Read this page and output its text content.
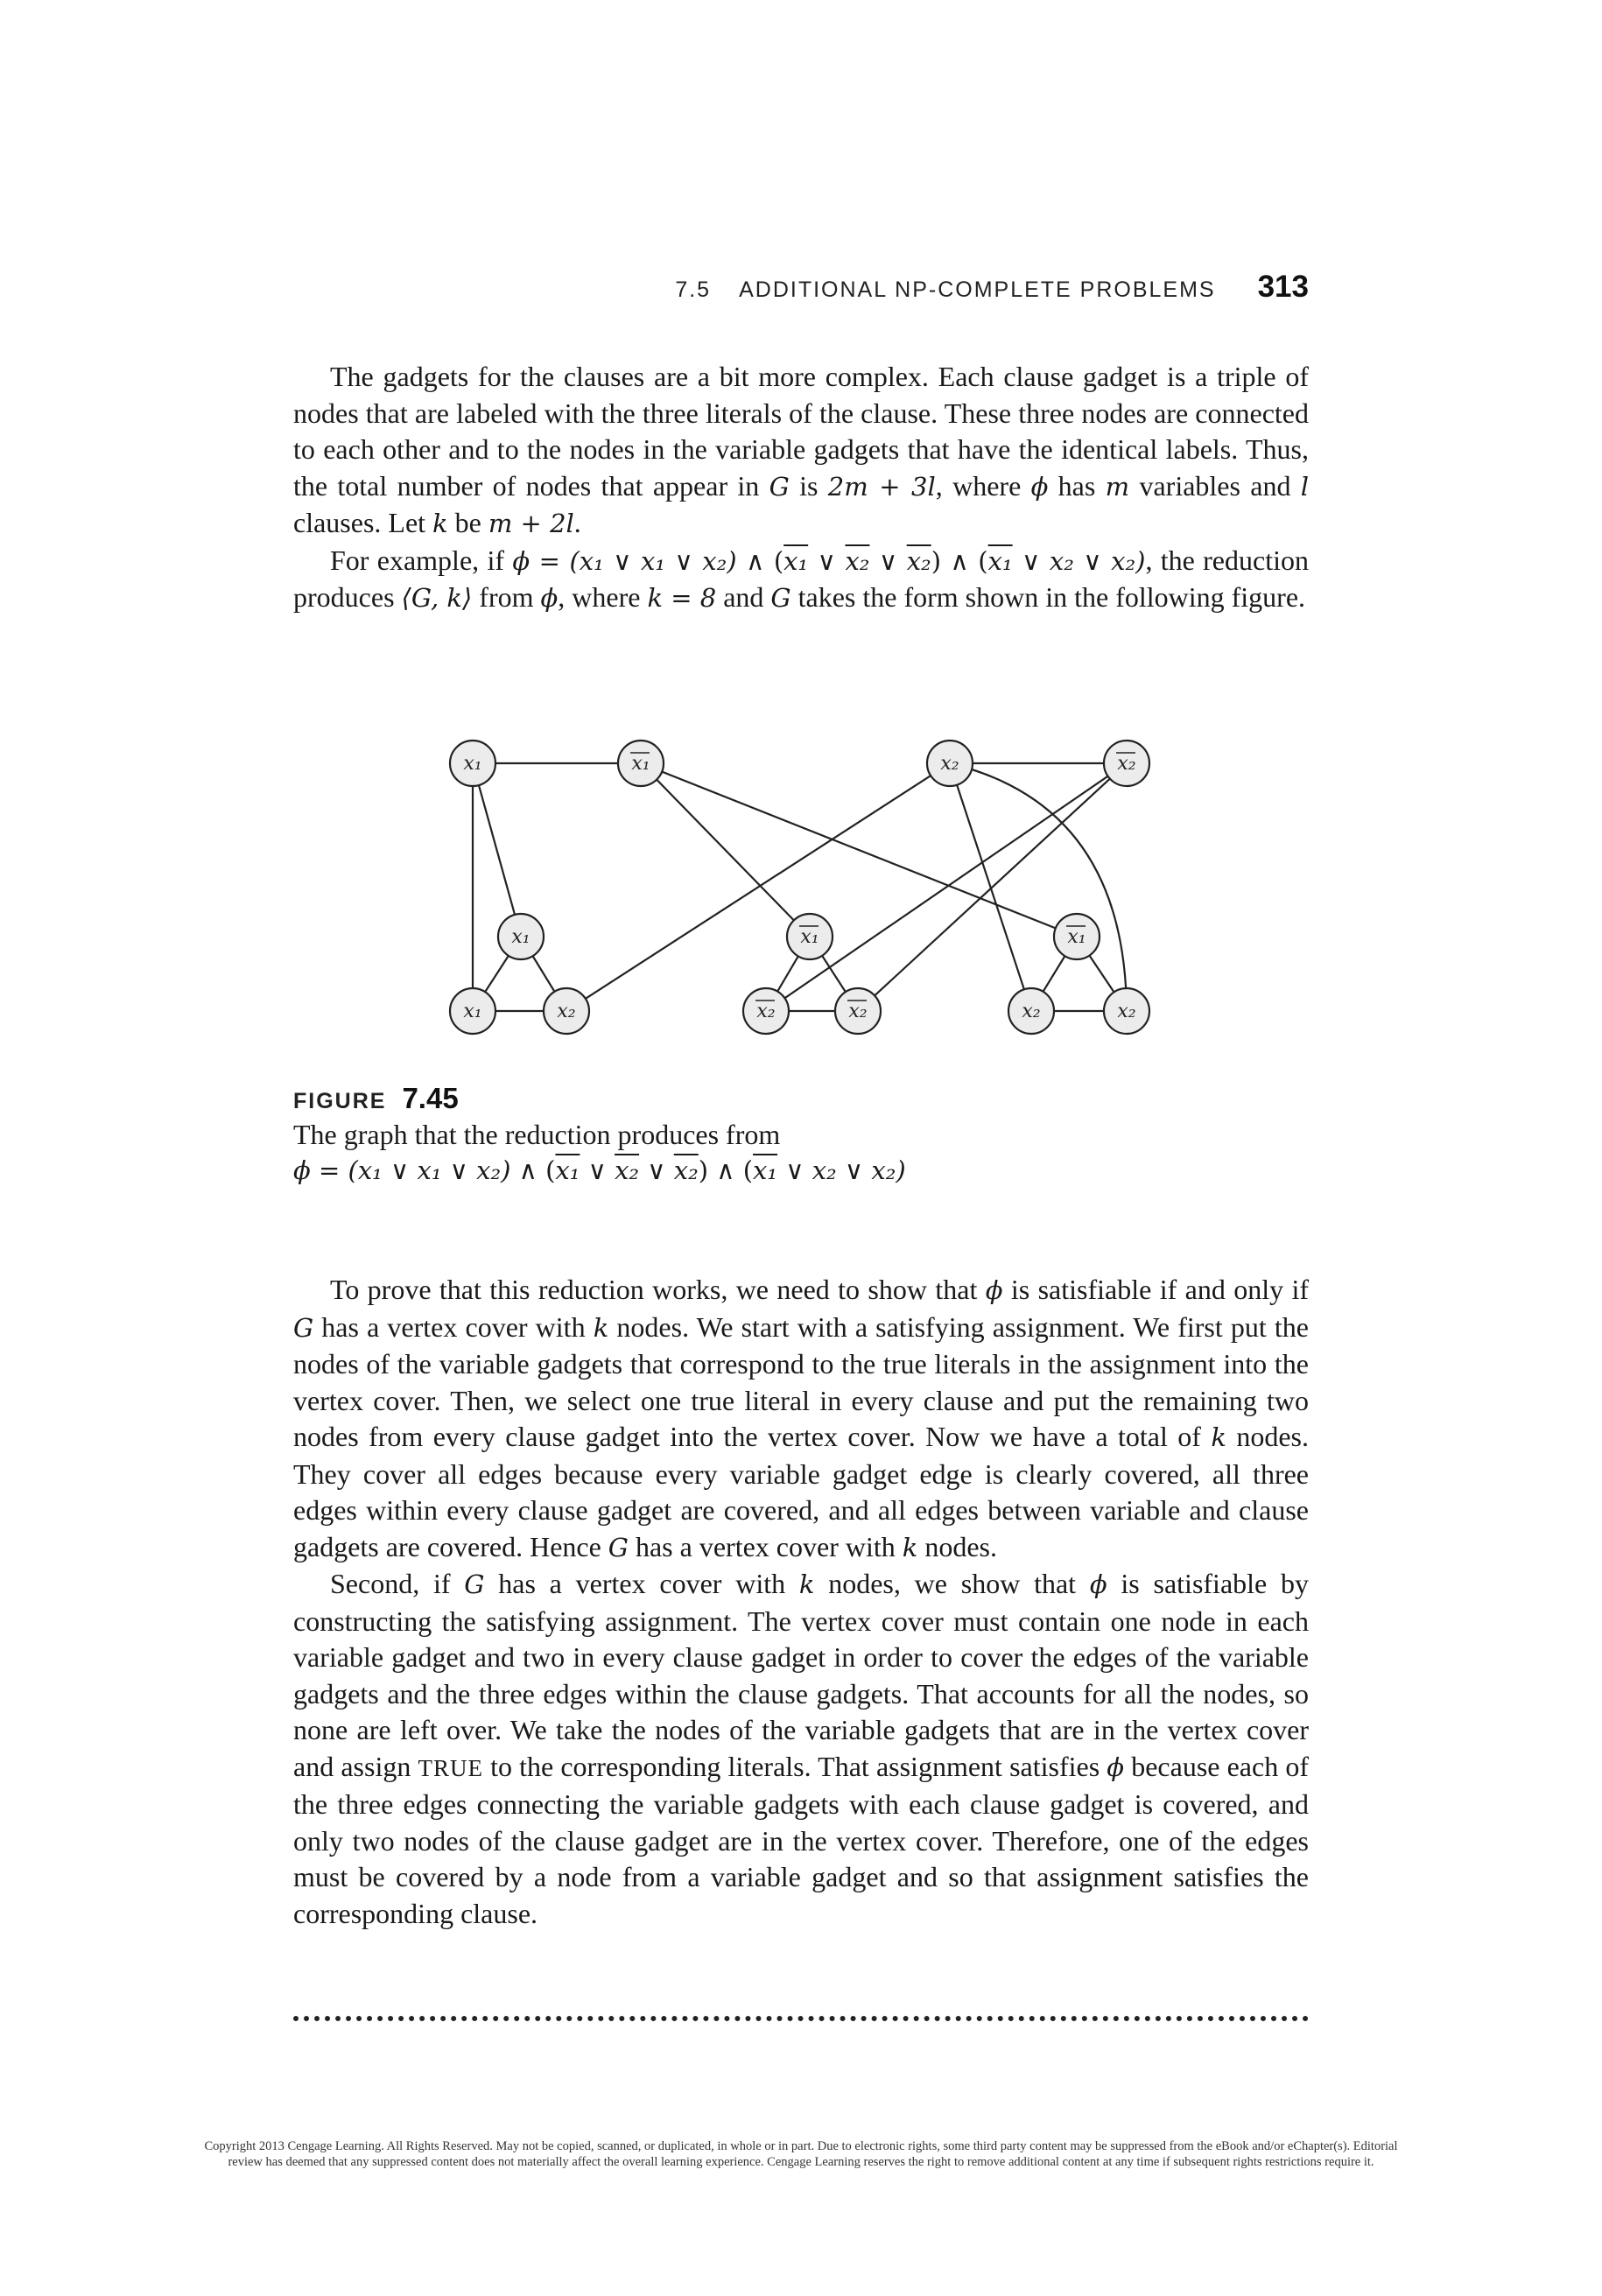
7.5 ADDITIONAL NP-COMPLETE PROBLEMS 313

The gadgets for the clauses are a bit more complex. Each clause gadget is a triple of nodes that are labeled with the three literals of the clause. These three nodes are connected to each other and to the nodes in the variable gadgets that have the identical labels. Thus, the total number of nodes that appear in G is 2m + 3l, where ϕ has m variables and l clauses. Let k be m + 2l.

For example, if ϕ = (x₁ ∨ x₁ ∨ x₂) ∧ (x₁ ∨ x₂ ∨ x₂) ∧ (x₁ ∨ x₂ ∨ x₂), the reduction produces ⟨G, k⟩ from ϕ, where k = 8 and G takes the form shown in the following figure.

x₁	x₁	x₂	x₂
x₁
x₁	x₂
x₁
x₂	x₂
x₁
x₂	x₂
FIGURE 7.45
The graph that the reduction produces from
ϕ = (x₁ ∨ x₁ ∨ x₂) ∧ (x₁ ∨ x₂ ∨ x₂) ∧ (x₁ ∨ x₂ ∨ x₂)

To prove that this reduction works, we need to show that ϕ is satisfiable if and only if G has a vertex cover with k nodes. We start with a satisfying assignment. We first put the nodes of the variable gadgets that correspond to the true literals in the assignment into the vertex cover. Then, we select one true literal in every clause and put the remaining two nodes from every clause gadget into the vertex cover. Now we have a total of k nodes. They cover all edges because every variable gadget edge is clearly covered, all three edges within every clause gadget are covered, and all edges between variable and clause gadgets are covered. Hence G has a vertex cover with k nodes.

Second, if G has a vertex cover with k nodes, we show that ϕ is satisfiable by constructing the satisfying assignment. The vertex cover must contain one node in each variable gadget and two in every clause gadget in order to cover the edges of the variable gadgets and the three edges within the clause gadgets. That accounts for all the nodes, so none are left over. We take the nodes of the variable gadgets that are in the vertex cover and assign TRUE to the corresponding literals. That assignment satisfies ϕ because each of the three edges connecting the variable gadgets with each clause gadget is covered, and only two nodes of the clause gadget are in the vertex cover. Therefore, one of the edges must be covered by a node from a variable gadget and so that assignment satisfies the corresponding clause.

Copyright 2013 Cengage Learning. All Rights Reserved. May not be copied, scanned, or duplicated, in whole or in part. Due to electronic rights, some third party content may be suppressed from the eBook and/or eChapter(s). Editorial review has deemed that any suppressed content does not materially affect the overall learning experience. Cengage Learning reserves the right to remove additional content at any time if subsequent rights restrictions require it.
